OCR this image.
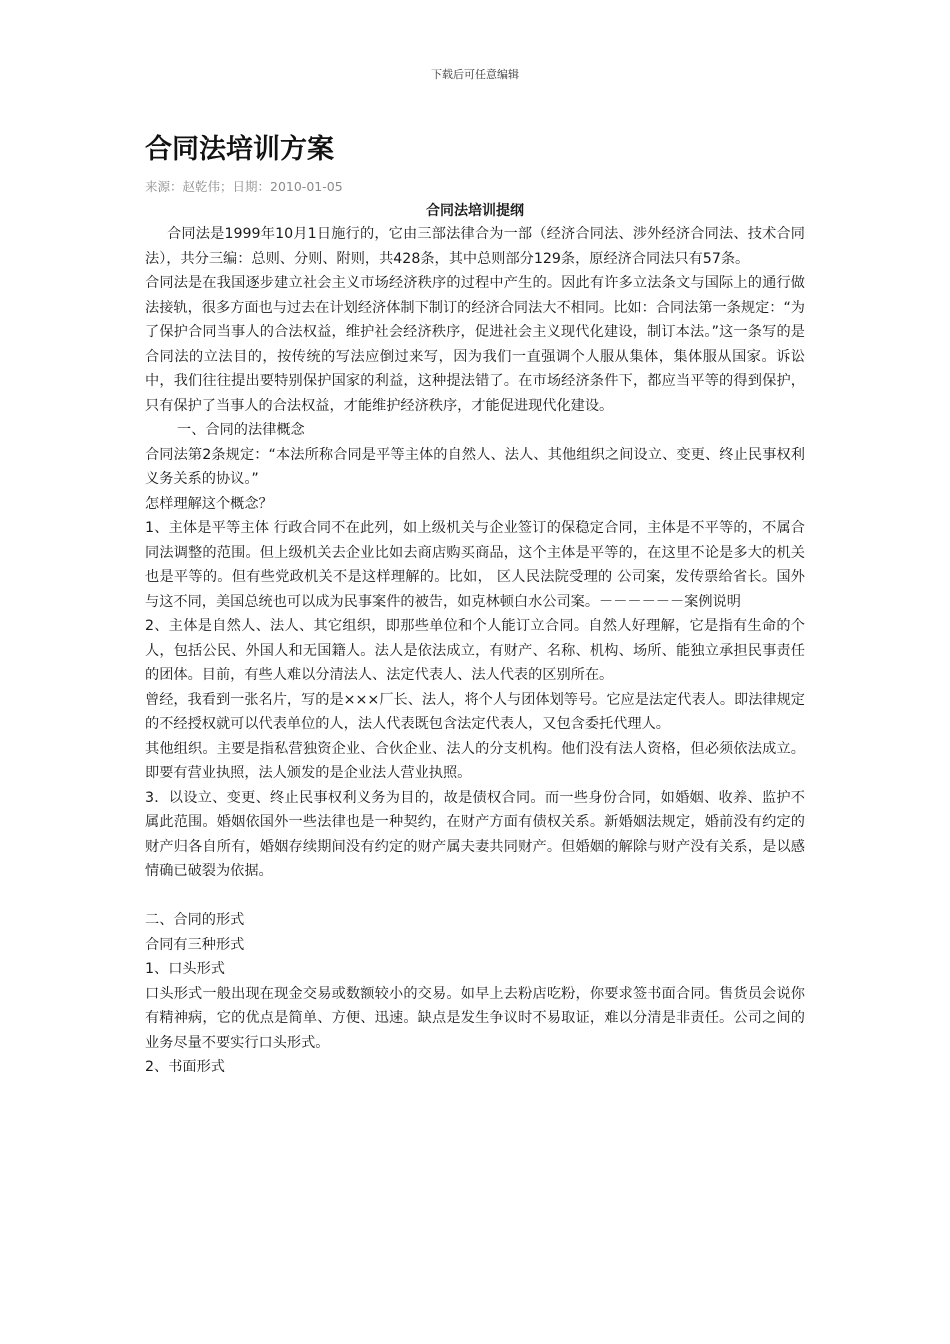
下载后可任意编辑
合同法培训方案
来源：赵乾伟；日期：2010-01-05
合同法培训提纲

合同法是1999年10月1日施行的，它由三部法律合为一部（经济合同法、涉外经济合同法、技术合同法），共分三编：总则、分则、附则，共428条，其中总则部分129条，原经济合同法只有57条。

合同法是在我国逐步建立社会主义市场经济秩序的过程中产生的。因此有许多立法条文与国际上的通行做法接轨，很多方面也与过去在计划经济体制下制订的经济合同法大不相同。比如：合同法第一条规定：“为了保护合同当事人的合法权益，维护社会经济秩序，促进社会主义现代化建设，制订本法。”这一条写的是合同法的立法目的，按传统的写法应倒过来写，因为我们一直强调个人服从集体，集体服从国家。诉讼中，我们往往提出要特别保护国家的利益，这种提法错了。在市场经济条件下，都应当平等的得到保护，只有保护了当事人的合法权益，才能维护经济秩序，才能促进现代化建设。

一、合同的法律概念

合同法第2条规定：“本法所称合同是平等主体的自然人、法人、其他组织之间设立、变更、终止民事权利义务关系的协议。”

怎样理解这个概念？

1、主体是平等主体 行政合同不在此列，如上级机关与企业签订的保稳定合同，主体是不平等的，不属合同法调整的范围。但上级机关去企业比如去商店购买商品，这个主体是平等的，在这里不论是多大的机关也是平等的。但有些党政机关不是这样理解的。比如， 区人民法院受理的 公司案，发传票给省长。国外与这不同，美国总统也可以成为民事案件的被告，如克林顿白水公司案。－－－－－－案例说明

2、主体是自然人、法人、其它组织，即那些单位和个人能订立合同。自然人好理解，它是指有生命的个人，包括公民、外国人和无国籍人。法人是依法成立，有财产、名称、机构、场所、能独立承担民事责任的团体。目前，有些人难以分清法人、法定代表人、法人代表的区别所在。

曾经，我看到一张名片，写的是×××厂长、法人，将个人与团体划等号。它应是法定代表人。即法律规定的不经授权就可以代表单位的人，法人代表既包含法定代表人，又包含委托代理人。

其他组织。主要是指私营独资企业、合伙企业、法人的分支机构。他们没有法人资格，但必须依法成立。即要有营业执照，法人颁发的是企业法人营业执照。

3．以设立、变更、终止民事权利义务为目的，故是债权合同。而一些身份合同，如婚姻、收养、监护不属此范围。婚姻依国外一些法律也是一种契约，在财产方面有债权关系。新婚姻法规定，婚前没有约定的财产归各自所有，婚姻存续期间没有约定的财产属夫妻共同财产。但婚姻的解除与财产没有关系，是以感情确已破裂为依据。

二、合同的形式

合同有三种形式

1、口头形式

口头形式一般出现在现金交易或数额较小的交易。如早上去粉店吃粉，你要求签书面合同。售货员会说你有精神病，它的优点是简单、方便、迅速。缺点是发生争议时不易取证，难以分清是非责任。公司之间的业务尽量不要实行口头形式。

2、书面形式
